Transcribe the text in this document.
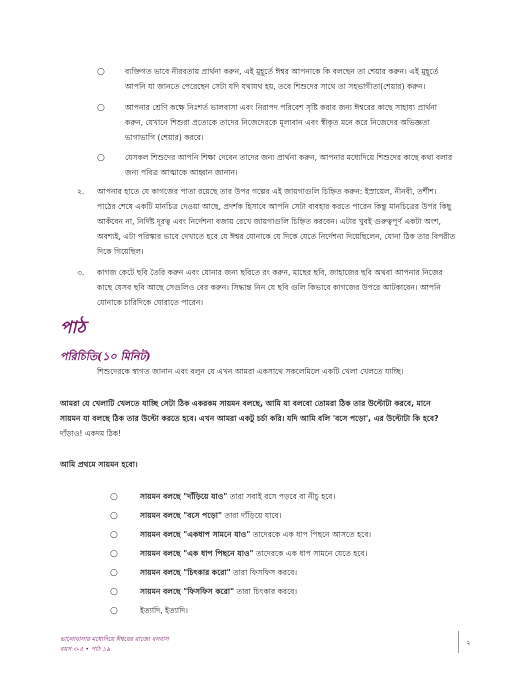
○	ব্যক্তিগত ভাবে নীরবতায় প্রার্থনা করুন, এই মুহূর্তে ঈশ্বর আপনাকে কি বলছেন তা শেয়ার করুন। এই মুহূর্তে

আপনি যা জানতে পেরেছেন সেটা যদি যথাযথ হয়, তবে শিশুদের সাথে তা সহভাগীতা(শেয়ার) করুন।

○	আপনার শ্রেণি কক্ষে নিঃশর্ত ভালবাসা এবং নিরাপদ পরিবেশ সৃষ্টি করার জন্য ঈশ্বরের কাছে সাহায্য প্রার্থনা

করুন, যেখানে শিশুরা প্রত্যেকে তাদের নিজেদেরকে মূল্যবান এবং স্বীকৃত মনে করে নিজেদের অভিজ্ঞতা

ভাগাভাগি (শেয়ার) করবে।

○	যেসকল শিশুদের আপনি শিক্ষা দেবেন তাদের জন্য প্রার্থনা করুন, আপনার মধ্যেদিয়ে শিশুদের কাছে কথা বলার

জন্য পবিত্র আত্মাকে আহ্বান জানান।

২. আপনার হাতে যে কাগজের পাতা রয়েছে তার উপর গল্পের এই জায়গাগুলি চিহ্নিত করুন: ইস্রায়েল, নীনবী, তর্শীশ।

পাঠের শেষে একটি মানচিত্র দেওয়া আছে, প্রদর্শক হিসাবে আপনি সেটা ব্যবহার করতে পারেন কিন্তু মানচিত্রের উপর কিছু

আকঁবেন না, নির্দিষ্ট দূরত্ব এবং নির্দেশনা বজায় রেখে জায়গাগুলি চিহ্নিত করবেন। এটার খুবই গুরুত্বপূর্ণ একটা অংশ,

অবশ্যই, এটা পরিস্কার ভাবে দেখাতে হবে যে ঈশ্বর যোনাকে যে দিকে যেতে নির্দেশনা দিয়েছিলেন, যোনা ঠিক তার বিপরীত

দিকে গিয়েছিল।

৩. কাগজ কেটে ছবি তৈরি করুন এবং যোনার জন্য ছবিতে রং করুন, মাছের ছবি, জাহাজের ছবি অথবা আপনার নিজের

কাছে যেসব ছবি আছে সেগুলিও বের করুন। সিদ্ধান্ত নিন যে ছবি গুলি কিভাবে কাগজের উপরে আটকাবেন। আপনি

যোনাকে চারিদিকে ঘোরাতে পারেন।

পাঠ
পরিচিতি(১০ মিনিট)

শিশুদেরকে স্বাগত জানান এবং বলুন যে এখন আমরা একসাথে সকলেমিলে একটি খেলা খেলতে যাচ্ছি।

আমরা যে খেলাটি খেলতে যাচ্ছি সেটা ঠিক একরকম সায়মন বলছে, আমি যা বলবো তোমরা ঠিক তার উল্টোটা করবে, মানে

সায়মন যা বলছে ঠিক তার উল্টো করতে হবে। এখন আমরা একটু চর্চা করি। যদি আমি বলি 'বসে পড়ো', এর উল্টোটা কি হবে?

দাঁড়াও! একদম ঠিক!

আমি প্রথমে সায়মন হবো।

○	সায়মন বলছে "দাঁড়িয়ে যাও" তারা সবাই বসে পড়বে বা নীচু হবে।

○	সায়মন বলছে "বসে পড়ো" তারা দাঁড়িয়ে যাবে।

○	সায়মন বলছে "একধাপ সামনে যাও" তাদেরকে এক ধাপ পিছনে আসতে হবে।

○	সায়মন বলছে "এক ধাপ পিছনে যাও" তাদেরকে এক ধাপ সামনে যেতে হবে।

○	সায়মন বলছে "চিৎকার করো" তারা ফিসফিস করবে।

○	সায়মন বলছে "ফিসফিস করো" তারা চিৎকার করবে।

○	ইত্যাদি, ইত্যাদি।

ভালোবাসার মধ্যেদিয়ে ঈশ্বরের রাজ্যে বসবাস
বয়স ৩-৫ • পাঠ ১৯
২
